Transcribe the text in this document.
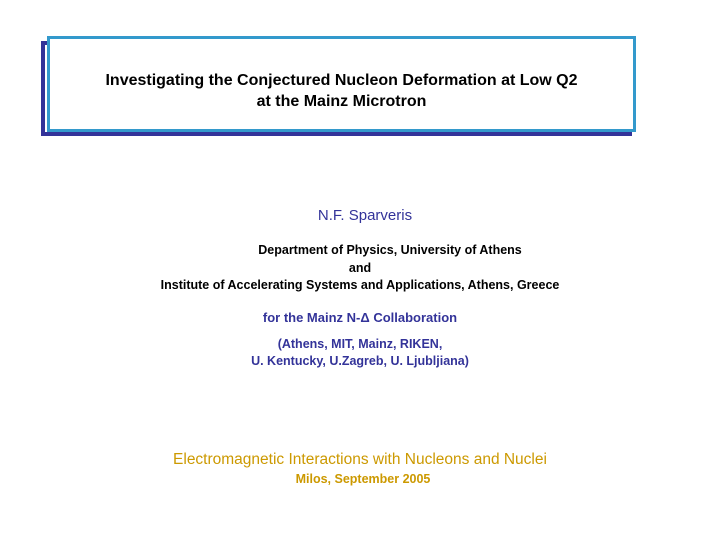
Investigating the Conjectured Nucleon Deformation at Low Q2
at the Mainz Microtron
N.F. Sparveris
Department of Physics, University of Athens
and
Institute of Accelerating Systems and Applications, Athens, Greece
for the Mainz N-Δ Collaboration
(Athens, MIT, Mainz, RIKEN,
U. Kentucky, U.Zagreb, U. Ljubljiana)
Electromagnetic Interactions with Nucleons and Nuclei
Milos, September 2005
